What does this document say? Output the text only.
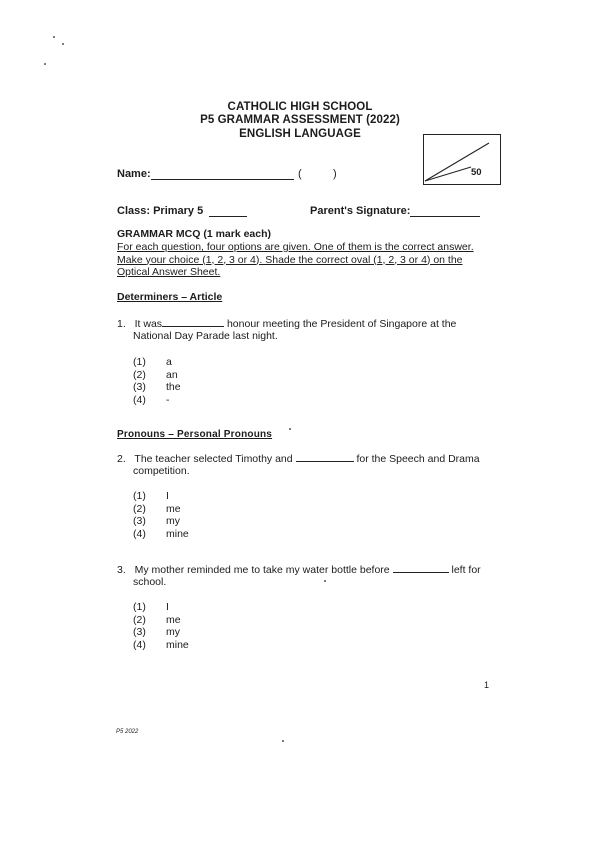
CATHOLIC HIGH SCHOOL
P5 GRAMMAR ASSESSMENT (2022)
ENGLISH LANGUAGE
50
Name:	(	)
Class: Primary 5	Parent's Signature:
GRAMMAR MCQ (1 mark each)
For each question, four options are given. One of them is the correct answer. Make your choice (1, 2, 3 or 4). Shade the correct oval (1, 2, 3 or 4) on the Optical Answer Sheet.
Determiners – Article
1. It was	honour meeting the President of Singapore at the
National Day Parade last night.
(1)	a
(2)	an
(3)	the
(4)	-
Pronouns – Personal Pronouns
2. The teacher selected Timothy and	for the Speech and Drama
competition.
(1)	I
(2)	me
(3)	my
(4)	mine
3. My mother reminded me to take my water bottle before	left for
school.
(1)	I
(2)	me
(3)	my
(4)	mine
1
P5 2022
